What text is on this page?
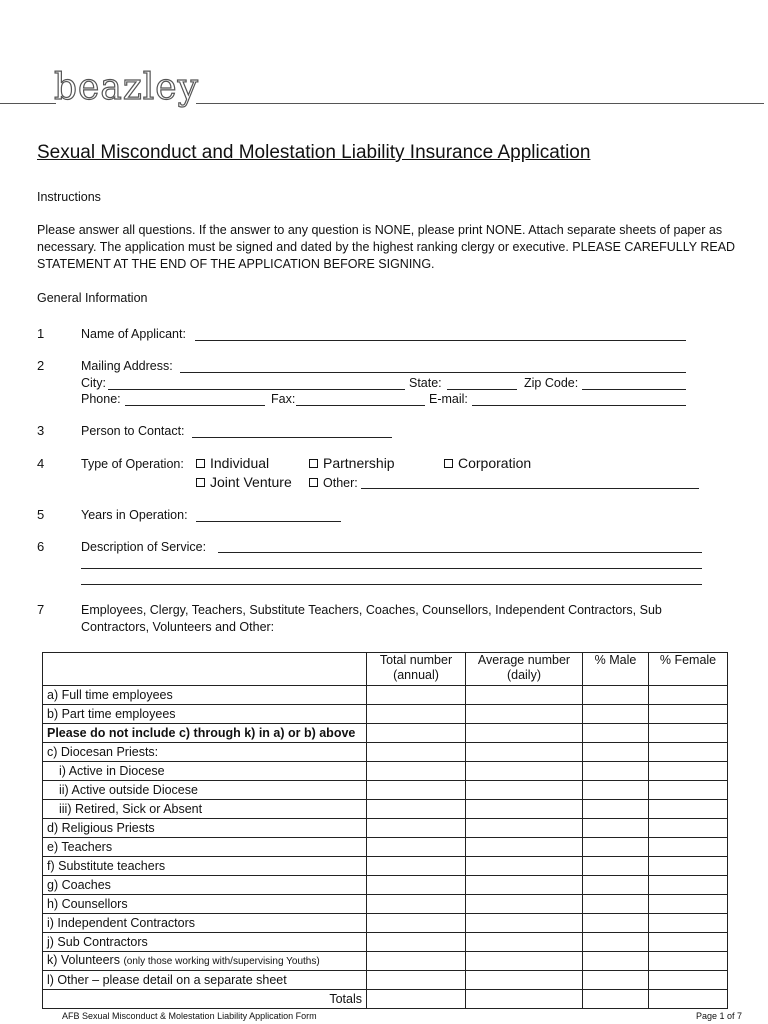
beazley
Sexual Misconduct and Molestation Liability Insurance Application
Instructions
Please answer all questions. If the answer to any question is NONE, please print NONE. Attach separate sheets of paper as necessary. The application must be signed and dated by the highest ranking clergy or executive. PLEASE CAREFULLY READ STATEMENT AT THE END OF THE APPLICATION BEFORE SIGNING.
General Information
1	Name of Applicant:
2	Mailing Address:
City:	State:	Zip Code:
Phone:	Fax:	E-mail:
3	Person to Contact:
4	Type of Operation:	Individual	Partnership	Corporation
Joint Venture	Other:
5	Years in Operation:
6	Description of Service:
7	Employees, Clergy, Teachers, Substitute Teachers, Coaches, Counsellors, Independent Contractors, Sub Contractors, Volunteers and Other:
	Total number (annual)	Average number (daily)	% Male	% Female
a) Full time employees				
b) Part time employees				
Please do not include c) through k) in a) or b) above				
c) Diocesan Priests:				
i) Active in Diocese				
ii) Active outside Diocese				
iii) Retired, Sick or Absent				
d) Religious Priests				
e) Teachers				
f) Substitute teachers				
g) Coaches				
h) Counsellors				
i) Independent Contractors				
j) Sub Contractors				
k) Volunteers (only those working with/supervising Youths)				
l) Other – please detail on a separate sheet				
Totals				
AFB Sexual Misconduct & Molestation Liability Application Form	Page 1 of 7
